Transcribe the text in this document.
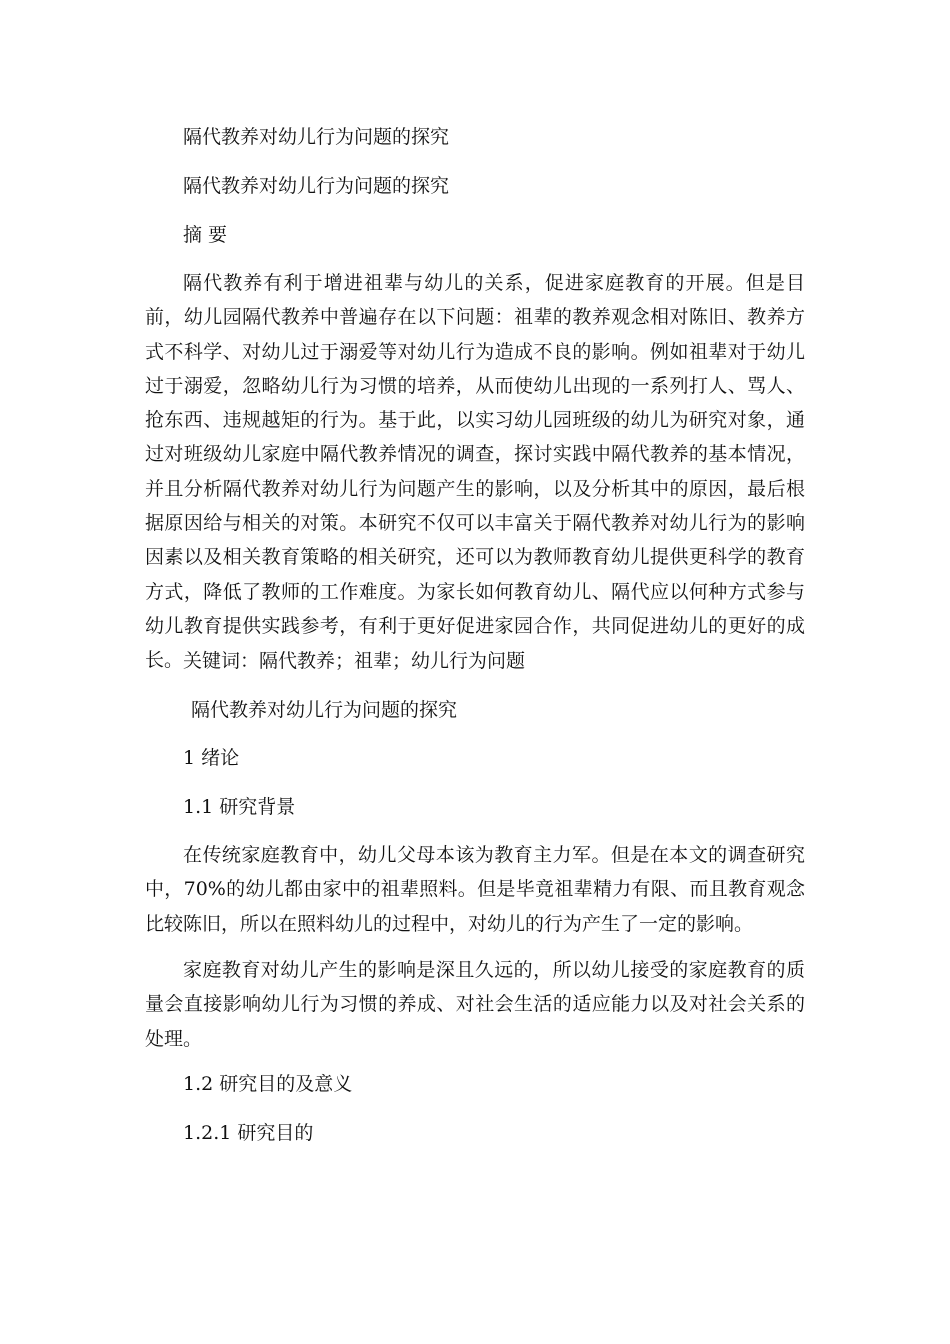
隔代教养对幼儿行为问题的探究
隔代教养对幼儿行为问题的探究
摘 要
隔代教养有利于增进祖辈与幼儿的关系，促进家庭教育的开展。但是目前，幼儿园隔代教养中普遍存在以下问题：祖辈的教养观念相对陈旧、教养方式不科学、对幼儿过于溺爱等对幼儿行为造成不良的影响。例如祖辈对于幼儿过于溺爱，忽略幼儿行为习惯的培养，从而使幼儿出现的一系列打人、骂人、抢东西、违规越矩的行为。基于此，以实习幼儿园班级的幼儿为研究对象，通过对班级幼儿家庭中隔代教养情况的调查，探讨实践中隔代教养的基本情况，并且分析隔代教养对幼儿行为问题产生的影响，以及分析其中的原因，最后根据原因给与相关的对策。本研究不仅可以丰富关于隔代教养对幼儿行为的影响因素以及相关教育策略的相关研究，还可以为教师教育幼儿提供更科学的教育方式，降低了教师的工作难度。为家长如何教育幼儿、隔代应以何种方式参与幼儿教育提供实践参考，有利于更好促进家园合作，共同促进幼儿的更好的成长。 关键词：隔代教养；祖辈；幼儿行为问题
隔代教养对幼儿行为问题的探究
1 绪论
1.1 研究背景
在传统家庭教育中，幼儿父母本该为教育主力军。但是在本文的调查研究中，70%的幼儿都由家中的祖辈照料。但是毕竟祖辈精力有限、而且教育观念比较陈旧，所以在照料幼儿的过程中，对幼儿的行为产生了一定的影响。
家庭教育对幼儿产生的影响是深且久远的，所以幼儿接受的家庭教育的质量会直接影响幼儿行为习惯的养成、对社会生活的适应能力以及对社会关系的处理。
1.2 研究目的及意义
1.2.1 研究目的
